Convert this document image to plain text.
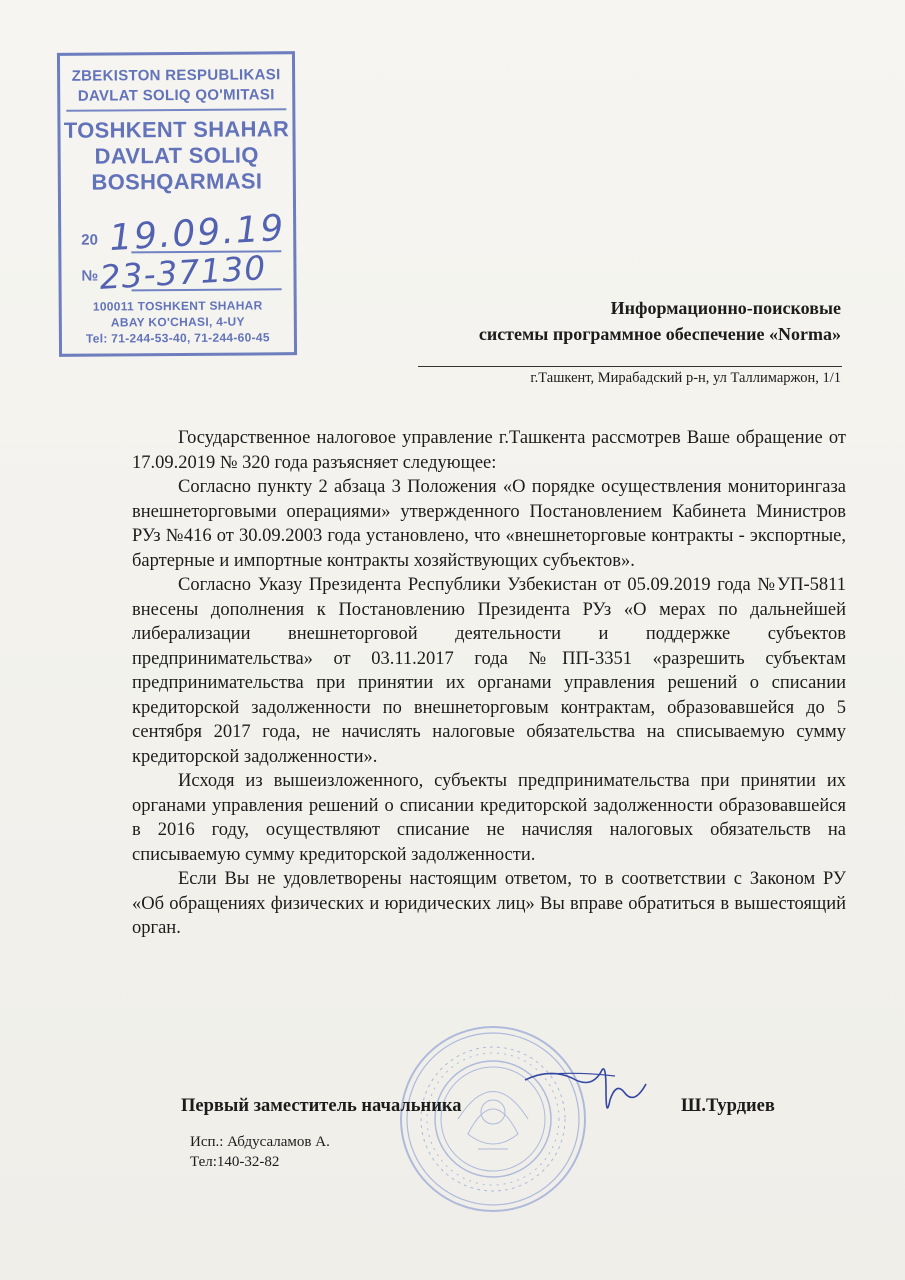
ZBEKISTON RESPUBLIKASI
DAVLAT SOLIQ QO'MITASI
TOSHKENT SHAHAR
DAVLAT SOLIQ
BOSHQARMASI
20 19.09.19
№ 23-37130
100011 TOSHKENT SHAHAR
ABAY KO'CHASI, 4-UY
Tel: 71-244-53-40, 71-244-60-45
Информационно-поисковые
системы программное обеспечение «Norma»
г.Ташкент, Мирабадский р-н, ул Таллимаржон, 1/1

Государственное налоговое управление г.Ташкента рассмотрев Ваше обращение от 17.09.2019 № 320 года разъясняет следующее:

Согласно пункту 2 абзаца 3 Положения «О порядке осуществления мониторингаза внешнеторговыми операциями» утвержденного Постановлением Кабинета Министров РУз №416 от 30.09.2003 года установлено, что «внешнеторговые контракты - экспортные, бартерные и импортные контракты хозяйствующих субъектов».

Согласно Указу Президента Республики Узбекистан от 05.09.2019 года №УП-5811 внесены дополнения к Постановлению Президента РУз «О мерах по дальнейшей либерализации внешнеторговой деятельности и поддержке субъектов предпринимательства» от 03.11.2017 года №ПП-3351 «разрешить субъектам предпринимательства при принятии их органами управления решений о списании кредиторской задолженности по внешнеторговым контрактам, образовавшейся до 5 сентября 2017 года, не начислять налоговые обязательства на списываемую сумму кредиторской задолженности».

Исходя из вышеизложенного, субъекты предпринимательства при принятии их органами управления решений о списании кредиторской задолженности образовавшейся в 2016 году, осуществляют списание не начисляя налоговых обязательств на списываемую сумму кредиторской задолженности.

Если Вы не удовлетворены настоящим ответом, то в соответствии с Законом РУ «Об обращениях физических и юридических лиц» Вы вправе обратиться в вышестоящий орган.

Первый заместитель начальника	Ш.Турдиев
Исп.: Абдусаламов А.
Тел:140-32-82
